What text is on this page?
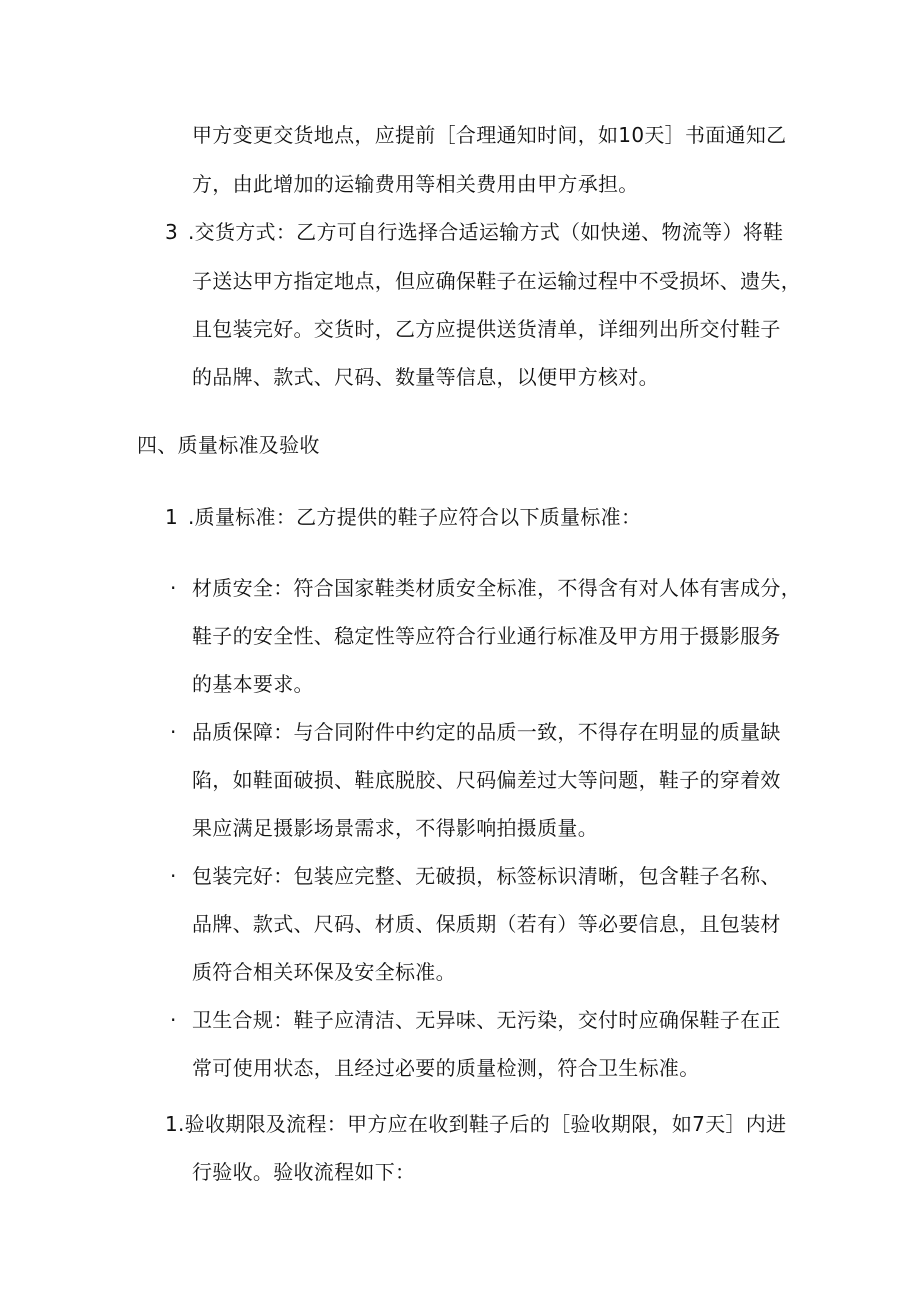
甲方变更交货地点，应提前［合理通知时间，如10天］书面通知乙
方，由此增加的运输费用等相关费用由甲方承担。
3 .交货方式：乙方可自行选择合适运输方式（如快递、物流等）将鞋
子送达甲方指定地点，但应确保鞋子在运输过程中不受损坏、遗失，
且包装完好。交货时，乙方应提供送货清单，详细列出所交付鞋子
的品牌、款式、尺码、数量等信息，以便甲方核对。
四、质量标准及验收
1 .质量标准：乙方提供的鞋子应符合以下质量标准：
· 材质安全：符合国家鞋类材质安全标准，不得含有对人体有害成分，
鞋子的安全性、稳定性等应符合行业通行标准及甲方用于摄影服务
的基本要求。
· 品质保障：与合同附件中约定的品质一致，不得存在明显的质量缺
陷，如鞋面破损、鞋底脱胶、尺码偏差过大等问题，鞋子的穿着效
果应满足摄影场景需求，不得影响拍摄质量。
· 包装完好：包装应完整、无破损，标签标识清晰，包含鞋子名称、
品牌、款式、尺码、材质、保质期（若有）等必要信息，且包装材
质符合相关环保及安全标准。
· 卫生合规：鞋子应清洁、无异味、无污染，交付时应确保鞋子在正
常可使用状态，且经过必要的质量检测，符合卫生标准。
1.验收期限及流程：甲方应在收到鞋子后的［验收期限，如7天］内进
行验收。验收流程如下：
